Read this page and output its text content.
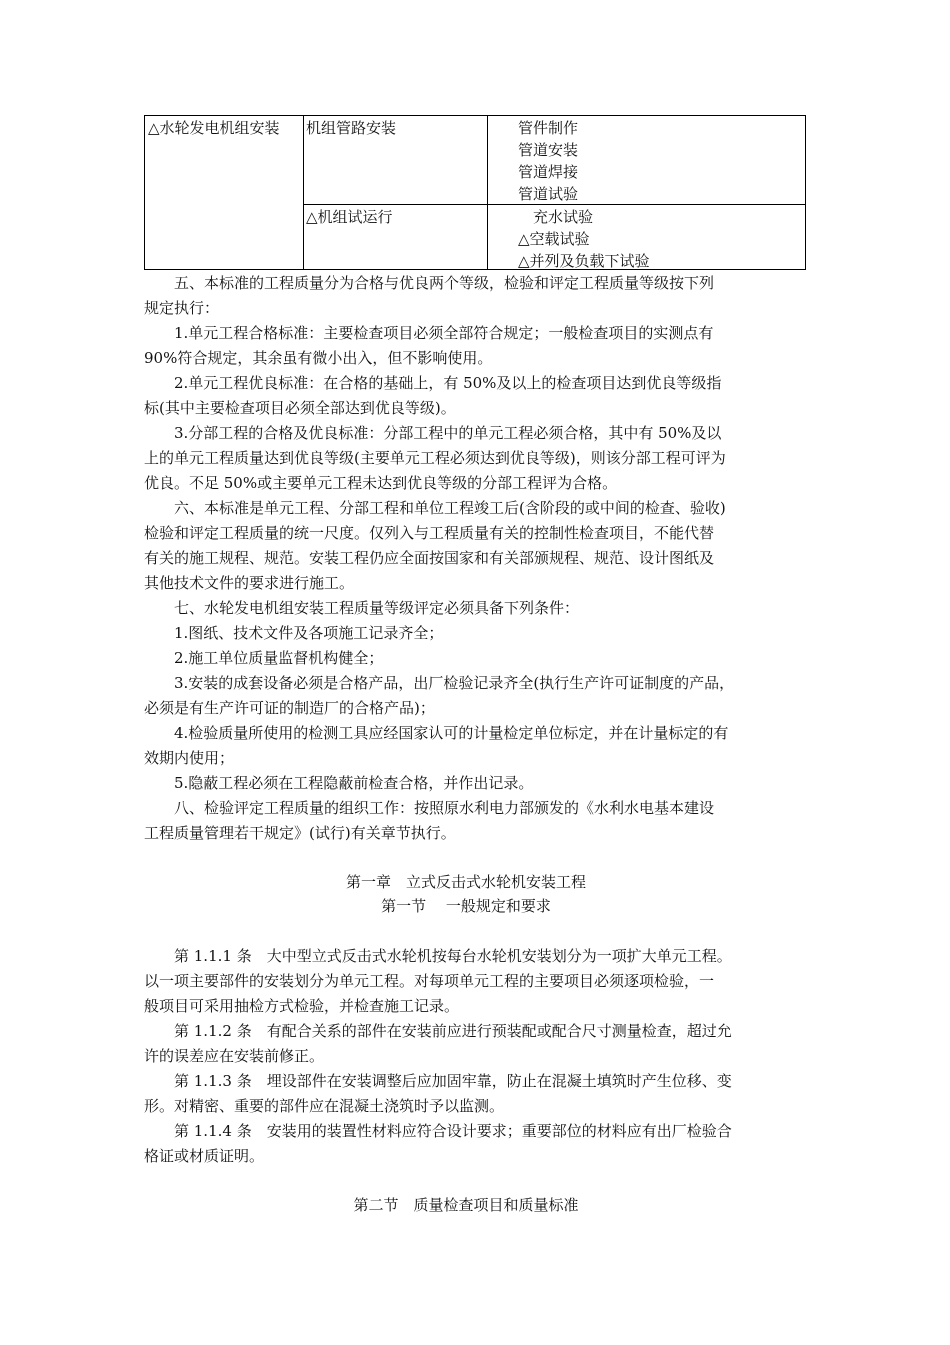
△水轮发电机组安装 机组管路安装	管件制作
管道安装
管道焊接
管道试验
△机组试运行	充水试验
△空载试验
△并列及负载下试验
五、本标准的工程质量分为合格与优良两个等级，检验和评定工程质量等级按下列
规定执行：
1.单元工程合格标准：主要检查项目必须全部符合规定；一般检查项目的实测点有
90%符合规定，其余虽有微小出入，但不影响使用。
2.单元工程优良标准：在合格的基础上，有 50%及以上的检查项目达到优良等级指
标(其中主要检查项目必须全部达到优良等级)。
3.分部工程的合格及优良标准：分部工程中的单元工程必须合格，其中有 50%及以
上的单元工程质量达到优良等级(主要单元工程必须达到优良等级)，则该分部工程可评为
优良。不足 50%或主要单元工程未达到优良等级的分部工程评为合格。
六、本标准是单元工程、分部工程和单位工程竣工后(含阶段的或中间的检查、验收)
检验和评定工程质量的统一尺度。仅列入与工程质量有关的控制性检查项目，不能代替
有关的施工规程、规范。安装工程仍应全面按国家和有关部颁规程、规范、设计图纸及
其他技术文件的要求进行施工。
七、水轮发电机组安装工程质量等级评定必须具备下列条件：
1.图纸、技术文件及各项施工记录齐全；
2.施工单位质量监督机构健全；
3.安装的成套设备必须是合格产品，出厂检验记录齐全(执行生产许可证制度的产品，
必须是有生产许可证的制造厂的合格产品)；
4.检验质量所使用的检测工具应经国家认可的计量检定单位标定，并在计量标定的有
效期内使用；
5.隐蔽工程必须在工程隐蔽前检查合格，并作出记录。
八、检验评定工程质量的组织工作：按照原水利电力部颁发的《水利水电基本建设
工程质量管理若干规定》(试行)有关章节执行。
第一章　立式反击式水轮机安装工程
第一节　 一般规定和要求
第 1.1.1 条　大中型立式反击式水轮机按每台水轮机安装划分为一项扩大单元工程。
以一项主要部件的安装划分为单元工程。对每项单元工程的主要项目必须逐项检验，一
般项目可采用抽检方式检验，并检查施工记录。
第 1.1.2 条　有配合关系的部件在安装前应进行预装配或配合尺寸测量检查，超过允
许的误差应在安装前修正。
第 1.1.3 条　埋设部件在安装调整后应加固牢靠，防止在混凝土填筑时产生位移、变
形。对精密、重要的部件应在混凝土浇筑时予以监测。
第 1.1.4 条　安装用的装置性材料应符合设计要求；重要部位的材料应有出厂检验合
格证或材质证明。
第二节　质量检查项目和质量标准
